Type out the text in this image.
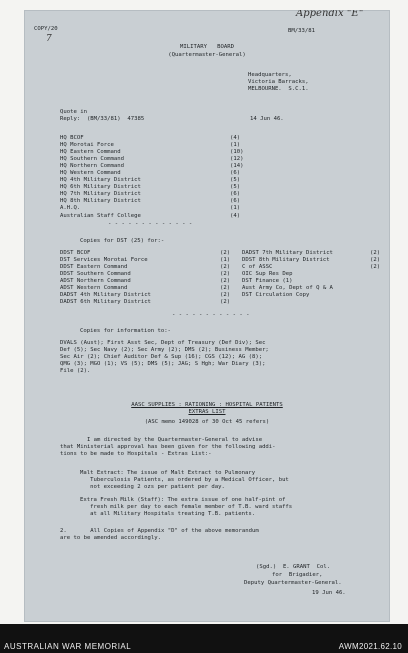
Appendix "E"
COPY/20	BM/33/81
7
MILITARY   BOARD
(Quartermaster-General)
Headquarters,
Victoria Barracks,
MELBOURNE.  S.C.1.
Quote in
Reply:  (BM/33/81)  47385	14 Jun 46.
HQ BCOF	(4)
HQ Morotai Force	(1)
HQ Eastern Command	(10)
HQ Southern Command	(12)
HQ Northern Command	(14)
HQ Western Command	(6)
HQ 4th Military District	(5)
HQ 6th Military District	(5)
HQ 7th Military District	(6)
HQ 8th Military District	(6)
A.H.Q.	(1)
Australian Staff College	(4)
- - - - - - - - - - - - -
Copies for DST (25) for:-
DDST BCOF	(2)
DST Services Morotai Force	(1)
DDST Eastern Command	(2)
DDST Southern Command	(2)
ADST Northern Command	(2)
ADST Western Command	(2)
DADST 4th Military District	(2)
DADST 6th Military District	(2)
DADST 7th Military District	(2)
DDST 8th Military District	(2)
C of ASSC	(2)
OIC Sup Res Dep
DST Finance (1)
Aust Army Co, Dept of Q & A
DST Circulation Copy
- - - - - - - - - - - -
Copies for information to:-
DVALS (Aust); First Asst Sec, Dept of Treasury (Def Div); Sec
Def (5); Sec Navy (2); Sec Army (2); DMS (2); Business Member;
Sec Air (2); Chief Auditor Def & Sup (16); CGS (12); AG (8);
QMG (3); MGO (1); VS (5); DMS (5); JAG; S Hgh; War Diary (3);
File (2).
AASC SUPPLIES : RATIONING : HOSPITAL PATIENTS
EXTRAS LIST
(ASC memo 149028 of 30 Oct 45 refers)
I am directed by the Quartermaster-General to advise
that Ministerial approval has been given for the following addi-
tions to be made to Hospitals - Extras List:-
Malt Extract: The issue of Malt Extract to Pulmonary
Tuberculosis Patients, as ordered by a Medical Officer, but
not exceeding 2 ozs per patient per day.
Extra Fresh Milk (Staff): The extra issue of one half-pint of
fresh milk per day to each female member of T.B. ward staffs
at all Military Hospitals treating T.B. patients.
2.       All Copies of Appendix "D" of the above memorandum
are to be amended accordingly.
(Sgd.)  E. GRANT  Col.
for  Brigadier,
Deputy Quartermaster-General.
19 Jun 46.
AUSTRALIAN WAR MEMORIAL	AWM2021.62.10
